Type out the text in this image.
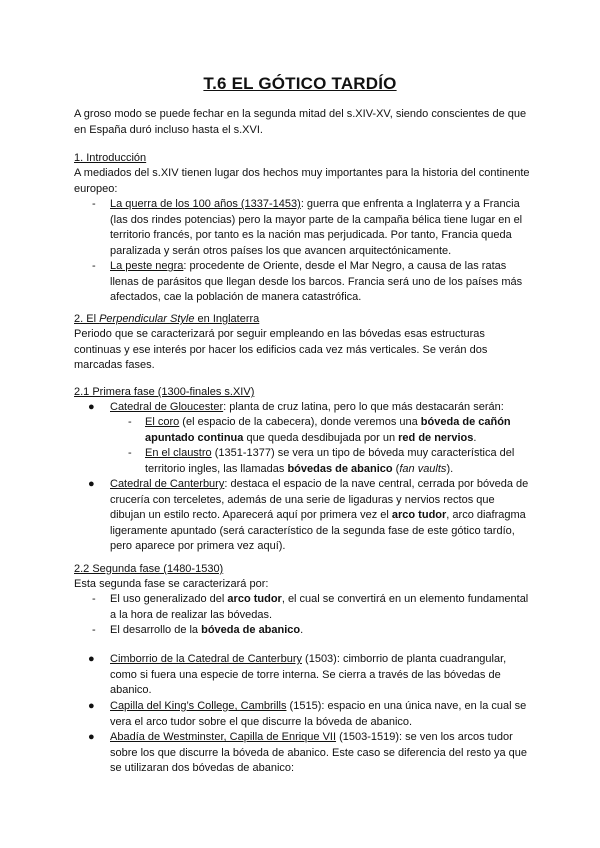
T.6 EL GÓTICO TARDÍO

A groso modo se puede fechar en la segunda mitad del s.XIV-XV, siendo conscientes de que en España duró incluso hasta el s.XVI.

1. Introducción

A mediados del s.XIV tienen lugar dos hechos muy importantes para la historia del continente europeo:

- La querra de los 100 años (1337-1453): guerra que enfrenta a Inglaterra y a Francia (las dos rindes potencias) pero la mayor parte de la campaña bélica tiene lugar en el territorio francés, por tanto es la nación mas perjudicada. Por tanto, Francia queda paralizada y serán otros países los que avancen arquitectónicamente.

- La peste negra: procedente de Oriente, desde el Mar Negro, a causa de las ratas llenas de parásitos que llegan desde los barcos. Francia será uno de los países más afectados, cae la población de manera catastrófica.

2. El Perpendicular Style en Inglaterra

Periodo que se caracterizará por seguir empleando en las bóvedas esas estructuras continuas y ese interés por hacer los edificios cada vez más verticales. Se verán dos marcadas fases.

2.1 Primera fase (1300-finales s.XIV)

● Catedral de Gloucester: planta de cruz latina, pero lo que más destacarán serán:

- El coro (el espacio de la cabecera), donde veremos una bóveda de cañón apuntado continua que queda desdibujada por un red de nervios.

- En el claustro (1351-1377) se vera un tipo de bóveda muy característica del territorio ingles, las llamadas bóvedas de abanico (fan vaults).

● Catedral de Canterbury: destaca el espacio de la nave central, cerrada por bóveda de crucería con terceletes, además de una serie de ligaduras y nervios rectos que dibujan un estilo recto. Aparecerá aquí por primera vez el arco tudor, arco diafragma ligeramente apuntado (será característico de la segunda fase de este gótico tardío, pero aparece por primera vez aquí).

2.2 Segunda fase (1480-1530)

Esta segunda fase se caracterizará por:

- El uso generalizado del arco tudor, el cual se convertirá en un elemento fundamental a la hora de realizar las bóvedas.

- El desarrollo de la bóveda de abanico.

● Cimborrio de la Catedral de Canterbury (1503): cimborrio de planta cuadrangular, como si fuera una especie de torre interna. Se cierra a través de las bóvedas de abanico.

● Capilla del King’s College, Cambrills (1515): espacio en una única nave, en la cual se vera el arco tudor sobre el que discurre la bóveda de abanico.

● Abadía de Westminster, Capilla de Enrique VII (1503-1519): se ven los arcos tudor sobre los que discurre la bóveda de abanico. Este caso se diferencia del resto ya que se utilizaran dos bóvedas de abanico:
